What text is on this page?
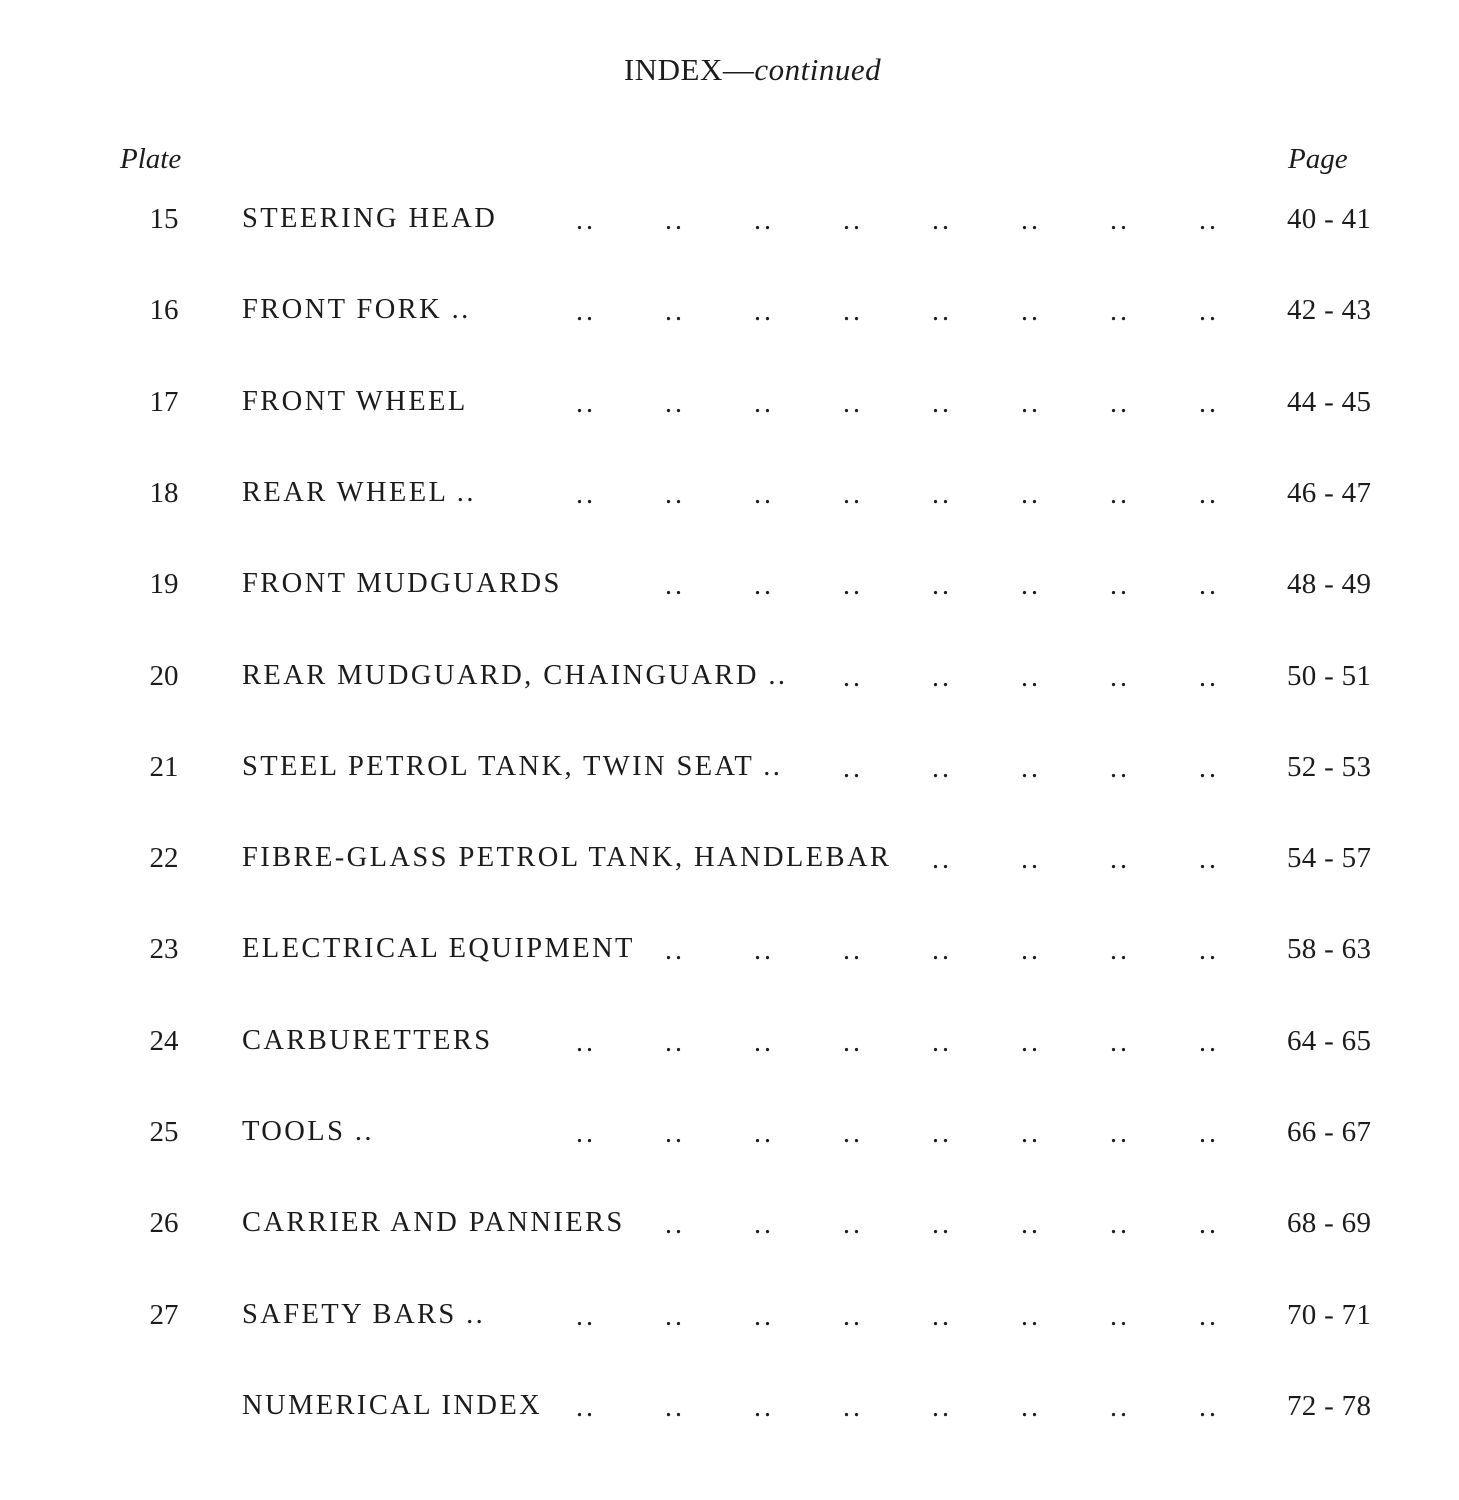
INDEX—continued
Plate	Page
15	STEERING HEAD	40 - 41
.. .. .. .. .. .. .. ..
16	FRONT FORK ..	42 - 43
.. .. .. .. .. .. .. ..
17	FRONT WHEEL	44 - 45
.. .. .. .. .. .. .. ..
18	REAR WHEEL ..	46 - 47
.. .. .. .. .. .. .. ..
19	FRONT MUDGUARDS	48 - 49
.. .. .. .. .. .. ..
20	REAR MUDGUARD, CHAINGUARD ..	50 - 51
.. .. .. .. ..
21	STEEL PETROL TANK, TWIN SEAT ..	52 - 53
.. .. .. .. ..
22	FIBRE-GLASS PETROL TANK, HANDLEBAR	54 - 57
.. .. .. ..
23	ELECTRICAL EQUIPMENT	58 - 63
.. .. .. .. .. .. ..
24	CARBURETTERS	64 - 65
.. .. .. .. .. .. .. ..
25	TOOLS ..	66 - 67
.. .. .. .. .. .. .. ..
26	CARRIER AND PANNIERS	68 - 69
.. .. .. .. .. .. ..
27	SAFETY BARS ..	70 - 71
.. .. .. .. .. .. .. ..
NUMERICAL INDEX	72 - 78
.. .. .. .. .. .. .. ..
